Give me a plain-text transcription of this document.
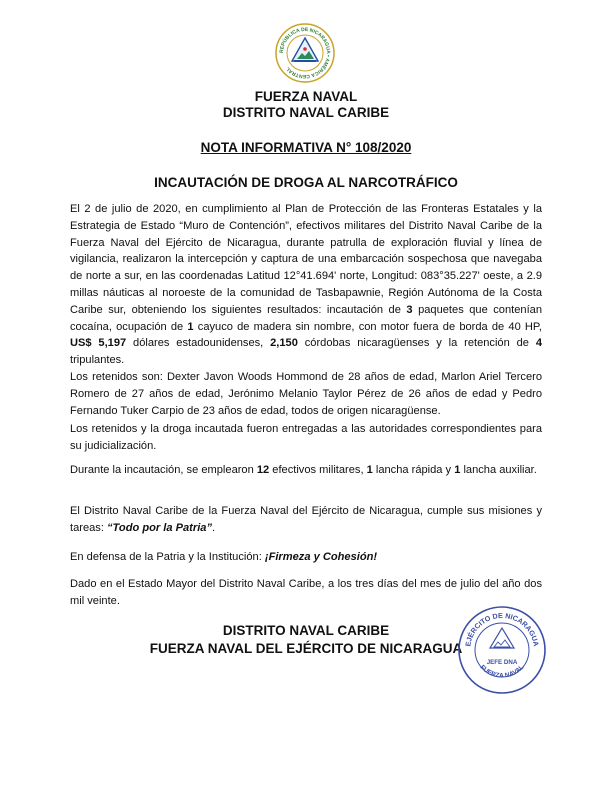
REPÚBLICA DE NICARAGUA • AMÉRICA CENTRAL
FUERZA NAVAL
DISTRITO NAVAL CARIBE
NOTA INFORMATIVA N° 108/2020
INCAUTACIÓN DE DROGA AL NARCOTRÁFICO

El 2 de julio de 2020, en cumplimiento al Plan de Protección de las Fronteras Estatales y la Estrategia de Estado “Muro de Contención”, efectivos militares del Distrito Naval Caribe de la Fuerza Naval del Ejército de Nicaragua, durante patrulla de exploración fluvial y línea de vigilancia, realizaron la intercepción y captura de una embarcación sospechosa que navegaba de norte a sur, en las coordenadas Latitud 12°41.694' norte, Longitud: 083°35.227' oeste, a 2.9 millas náuticas al noroeste de la comunidad de Tasbapawnie, Región Autónoma de la Costa Caribe sur, obteniendo los siguientes resultados: incautación de 3 paquetes que contenían cocaína, ocupación de 1 cayuco de madera sin nombre, con motor fuera de borda de 40 HP, US$ 5,197 dólares estadounidenses, 2,150 córdobas nicaragüenses y la retención de 4 tripulantes.

Los retenidos son: Dexter Javon Woods Hommond de 28 años de edad, Marlon Ariel Tercero Romero de 27 años de edad, Jerónimo Melanio Taylor Pérez de 26 años de edad y Pedro Fernando Tuker Carpio de 23 años de edad, todos de origen nicaragüense.

Los retenidos y la droga incautada fueron entregadas a las autoridades correspondientes para su judicialización.

Durante la incautación, se emplearon 12 efectivos militares, 1 lancha rápida y 1 lancha auxiliar.

El Distrito Naval Caribe de la Fuerza Naval del Ejército de Nicaragua, cumple sus misiones y tareas: “Todo por la Patria”.

En defensa de la Patria y la Institución: ¡Firmeza y Cohesión!

Dado en el Estado Mayor del Distrito Naval Caribe, a los tres días del mes de julio del año dos mil veinte.

DISTRITO NAVAL CARIBE
FUERZA NAVAL DEL EJÉRCITO DE NICARAGUA EJÉRCITO DE NICARAGUA
FUERZA NAVAL
JEFE DNA
